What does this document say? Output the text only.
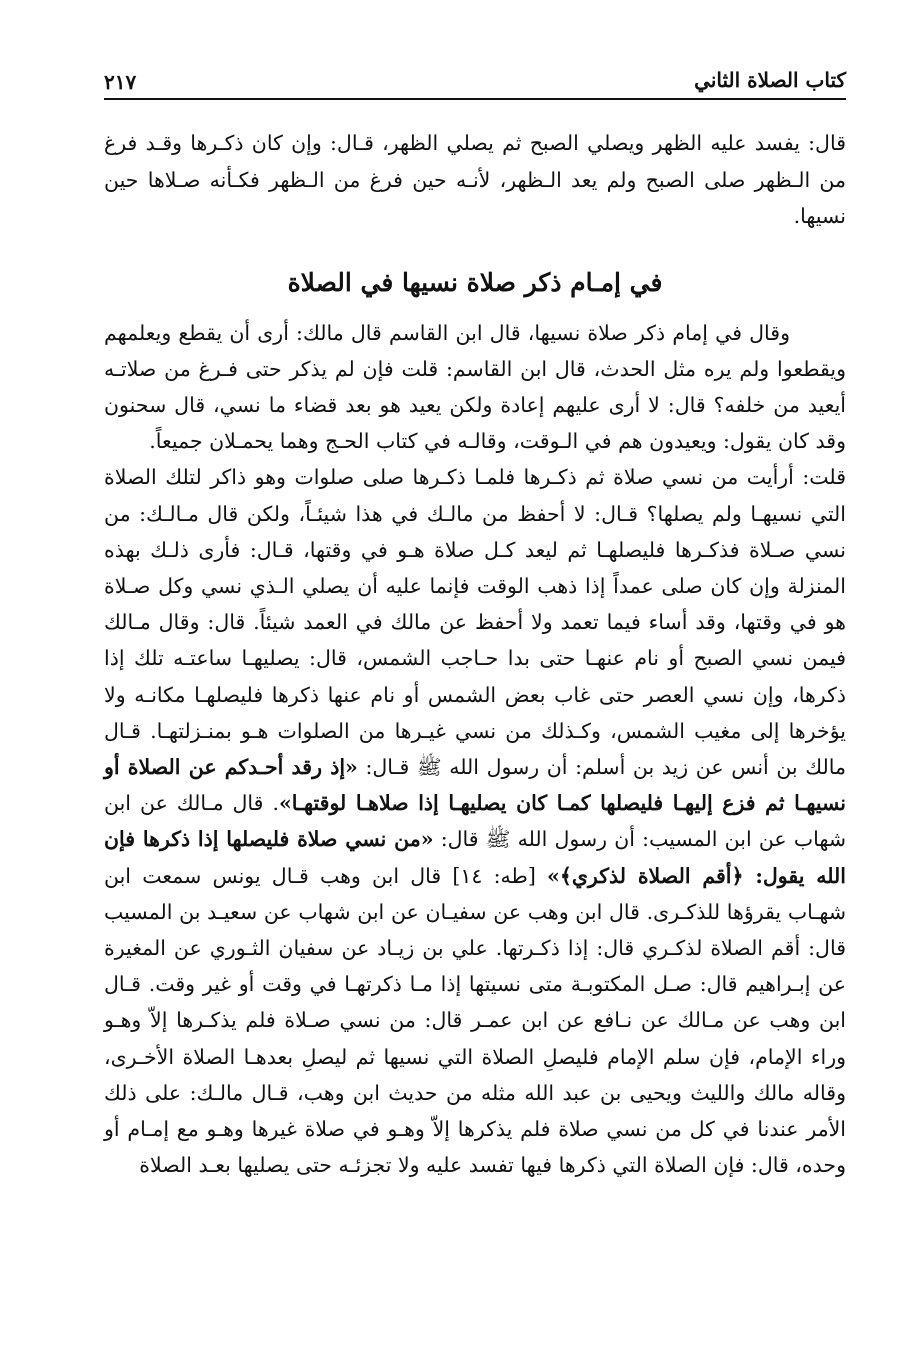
كتاب الصلاة الثاني
٢١٧

قال: يفسد عليه الظهر ويصلي الصبح ثم يصلي الظهر، قـال: وإن كان ذكـرها وقـد فرغ من الـظهر صلى الصبح ولم يعد الـظهر، لأنـه حين فرغ من الـظهر فكـأنه صـلاها حين نسيها.

في إمـام ذكر صلاة نسيها في الصلاة

وقال في إمام ذكر صلاة نسيها، قال ابن القاسم قال مالك: أرى أن يقطع ويعلمهم ويقطعوا ولم يره مثل الحدث، قال ابن القاسم: قلت فإن لم يذكر حتى فـرغ من صلاتـه أيعيد من خلفه؟ قال: لا أرى عليهم إعادة ولكن يعيد هو بعد قضاء ما نسي، قال سحنون وقد كان يقول: ويعيدون هم في الـوقت، وقالـه في كتاب الحـج وهما يحمـلان جميعاً.

قلت: أرأيت من نسي صلاة ثم ذكـرها فلمـا ذكـرها صلى صلوات وهو ذاكر لتلك الصلاة التي نسيهـا ولم يصلها؟ قـال: لا أحفظ من مالـك في هذا شيئـاً، ولكن قال مـالـك: من نسي صـلاة فذكـرها فليصلهـا ثم ليعد كـل صلاة هـو في وقتها، قـال: فأرى ذلـك بهذه المنزلة وإن كان صلى عمداً إذا ذهب الوقت فإنما عليه أن يصلي الـذي نسي وكل صـلاة هو في وقتها، وقد أساء فيما تعمد ولا أحفظ عن مالك في العمد شيئاً. قال: وقال مـالك فيمن نسي الصبح أو نام عنهـا حتى بدا حـاجب الشمس، قال: يصليهـا ساعتـه تلك إذا ذكرها، وإن نسي العصر حتى غاب بعض الشمس أو نام عنها ذكرها فليصلهـا مكانـه ولا يؤخرها إلى مغيب الشمس، وكـذلك من نسي غيـرها من الصلوات هـو بمنـزلتهـا. قـال مالك بن أنس عن زيد بن أسلم: أن رسول الله ﷺ قـال: «إذ رقد أحـدكم عن الصلاة أو نسيهـا ثم فزع إليهـا فليصلها كمـا كان يصليهـا إذا صلاهـا لوقتهـا». قال مـالك عن ابن شهاب عن ابن المسيب: أن رسول الله ﷺ قال: «من نسي صلاة فليصلها إذا ذكرها فإن الله يقول: ﴿أقم الصلاة لذكري﴾» [طه: ١٤] قال ابن وهب قـال يونس سمعت ابن شهـاب يقرؤها للذكـرى. قال ابن وهب عن سفيـان عن ابن شهاب عن سعيـد بن المسيب قال: أقم الصلاة لذكـري قال: إذا ذكـرتها. علي بن زيـاد عن سفيان الثـوري عن المغيرة عن إبـراهيم قال: صـل المكتوبـة متى نسيتها إذا مـا ذكرتهـا في وقت أو غير وقت. قـال ابن وهب عن مـالك عن نـافع عن ابن عمـر قال: من نسي صـلاة فلم يذكـرها إلاّ وهـو وراء الإمام، فإن سلم الإمام فليصلِ الصلاة التي نسيها ثم ليصلِ بعدهـا الصلاة الأخـرى، وقاله مالك والليث ويحيى بن عبد الله مثله من حديث ابن وهب، قـال مالـك: على ذلك الأمر عندنا في كل من نسي صلاة فلم يذكرها إلاّ وهـو في صلاة غيرها وهـو مع إمـام أو وحده، قال: فإن الصلاة التي ذكرها فيها تفسد عليه ولا تجزئـه حتى يصليها بعـد الصلاة
